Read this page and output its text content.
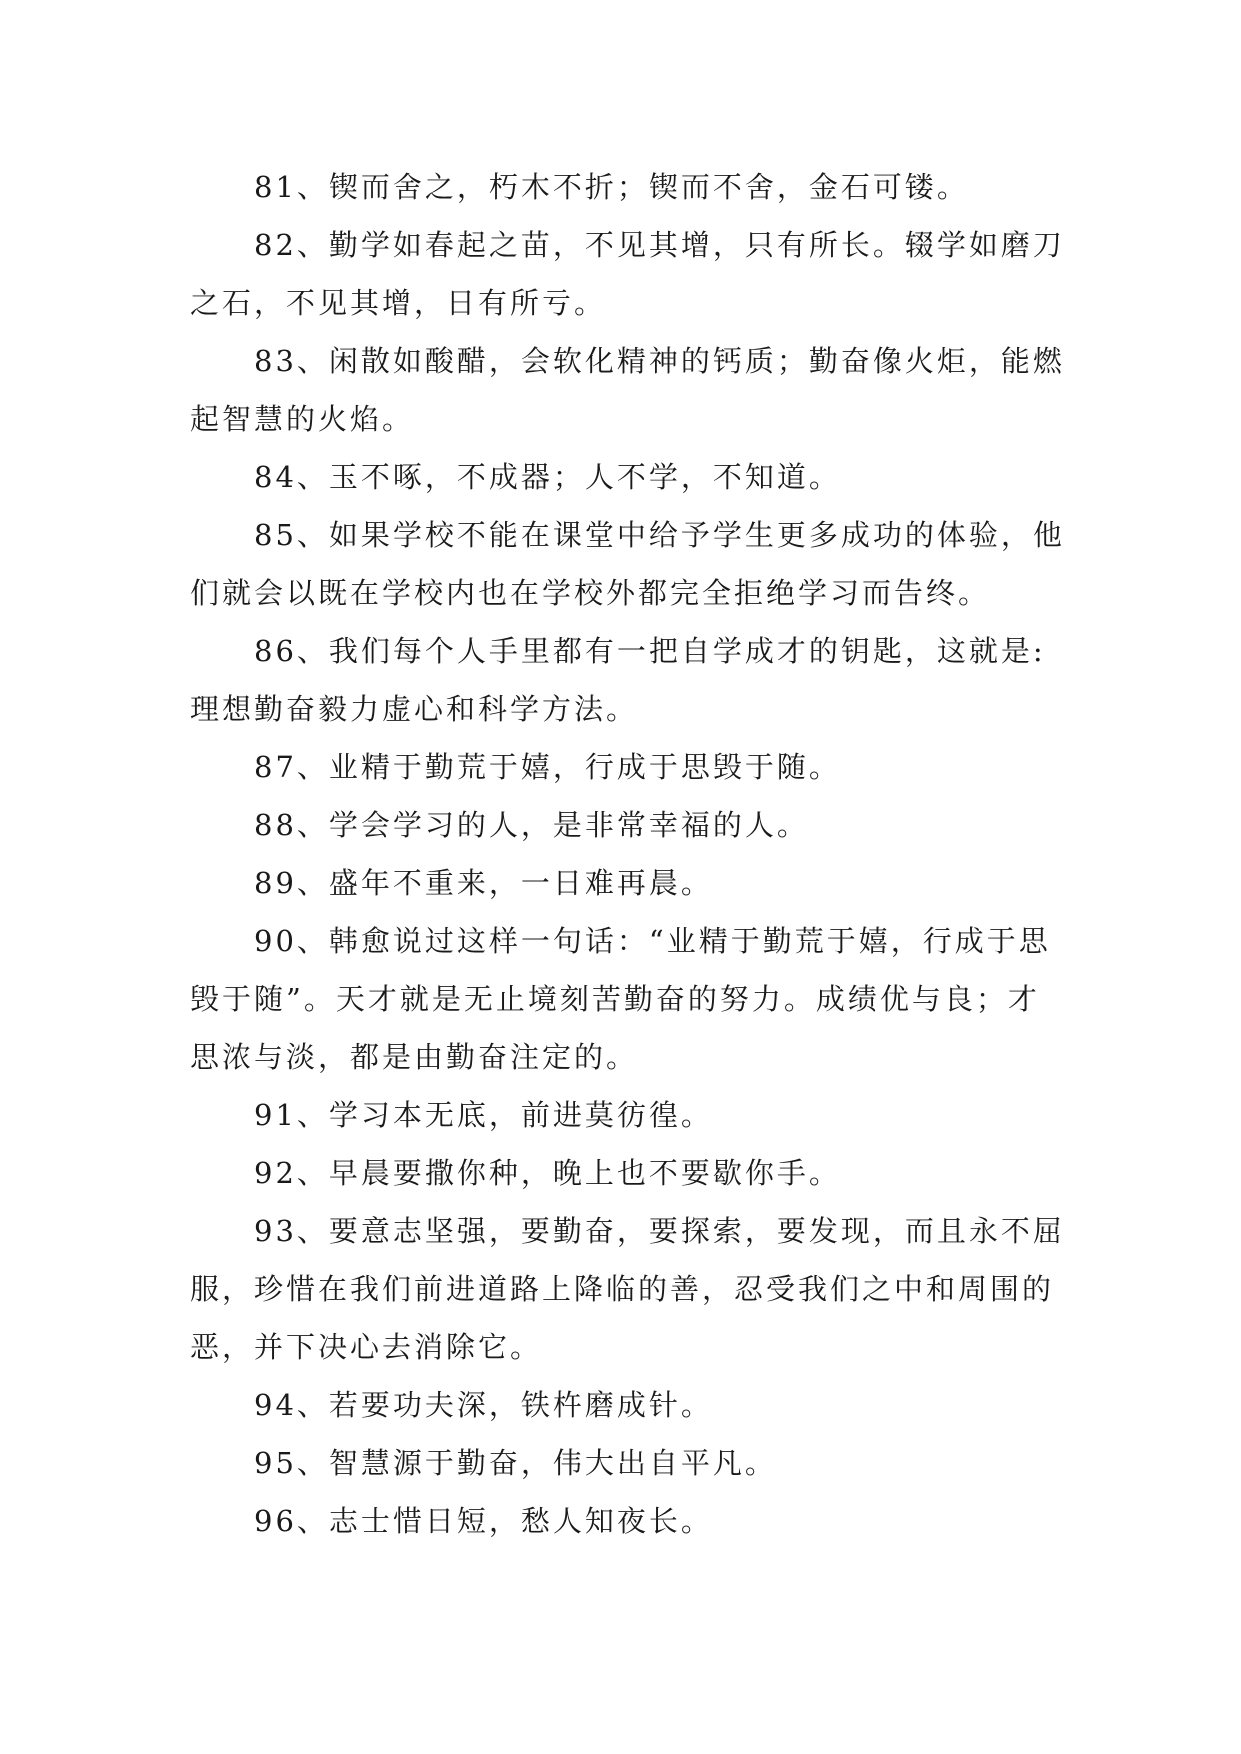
81、锲而舍之，朽木不折；锲而不舍，金石可镂。

82、勤学如春起之苗，不见其增，只有所长。辍学如磨刀之石，不见其增，日有所亏。

83、闲散如酸醋，会软化精神的钙质；勤奋像火炬，能燃起智慧的火焰。

84、玉不啄，不成器；人不学，不知道。

85、如果学校不能在课堂中给予学生更多成功的体验，他们就会以既在学校内也在学校外都完全拒绝学习而告终。

86、我们每个人手里都有一把自学成才的钥匙，这就是:理想勤奋毅力虚心和科学方法。

87、业精于勤荒于嬉，行成于思毁于随。

88、学会学习的人，是非常幸福的人。

89、盛年不重来，一日难再晨。

90、韩愈说过这样一句话：“业精于勤荒于嬉，行成于思毁于随”。天才就是无止境刻苦勤奋的努力。成绩优与良；才思浓与淡，都是由勤奋注定的。

91、学习本无底，前进莫彷徨。

92、早晨要撒你种，晚上也不要歇你手。

93、要意志坚强，要勤奋，要探索，要发现，而且永不屈服，珍惜在我们前进道路上降临的善，忍受我们之中和周围的恶，并下决心去消除它。

94、若要功夫深，铁杵磨成针。

95、智慧源于勤奋，伟大出自平凡。

96、志士惜日短，愁人知夜长。
